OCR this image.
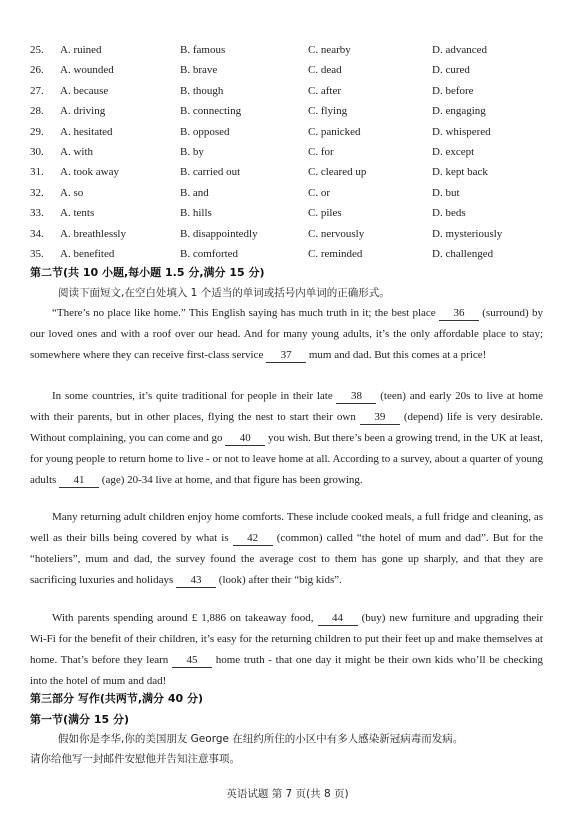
25. A. ruined	B. famous	C. nearby	D. advanced
26. A. wounded	B. brave	C. dead	D. cured
27. A. because	B. though	C. after	D. before
28. A. driving	B. connecting	C. flying	D. engaging
29. A. hesitated	B. opposed	C. panicked	D. whispered
30. A. with	B. by	C. for	D. except
31. A. took away	B. carried out	C. cleared up	D. kept back
32. A. so	B. and	C. or	D. but
33. A. tents	B. hills	C. piles	D. beds
34. A. breathlessly	B. disappointedly	C. nervously	D. mysteriously
35. A. benefited	B. comforted	C. reminded	D. challenged
第二节(共 10 小题,每小题 1.5 分,满分 15 分)
阅读下面短文,在空白处填入 1 个适当的单词或括号内单词的正确形式。
“There’s no place like home.” This English saying has much truth in it; the best place 36 (surround) by our loved ones and with a roof over our head. And for many young adults, it’s the only affordable place to stay; somewhere where they can receive first-class service 37 mum and dad. But this comes at a price!
In some countries, it’s quite traditional for people in their late 38 (teen) and early 20s to live at home with their parents, but in other places, flying the nest to start their own 39 (depend) life is very desirable. Without complaining, you can come and go 40 you wish. But there’s been a growing trend, in the UK at least, for young people to return home to live - or not to leave home at all. According to a survey, about a quarter of young adults 41 (age) 20-34 live at home, and that figure has been growing.
Many returning adult children enjoy home comforts. These include cooked meals, a full fridge and cleaning, as well as their bills being covered by what is 42 (common) called “the hotel of mum and dad”. But for the “hoteliers”, mum and dad, the survey found the average cost to them has gone up sharply, and that they are sacrificing luxuries and holidays 43 (look) after their “big kids”.
With parents spending around £ 1,886 on takeaway food, 44 (buy) new furniture and upgrading their Wi-Fi for the benefit of their children, it’s easy for the returning children to put their feet up and make themselves at home. That’s before they learn 45 home truth - that one day it might be their own kids who’ll be checking into the hotel of mum and dad!
第三部分 写作(共两节,满分 40 分)
第一节(满分 15 分)
假如你是李华,你的美国朋友 George 在纽约所住的小区中有多人感染新冠病毒而发病。
请你给他写一封邮件安慰他并告知注意事项。
英语试题 第 7 页(共 8 页)
